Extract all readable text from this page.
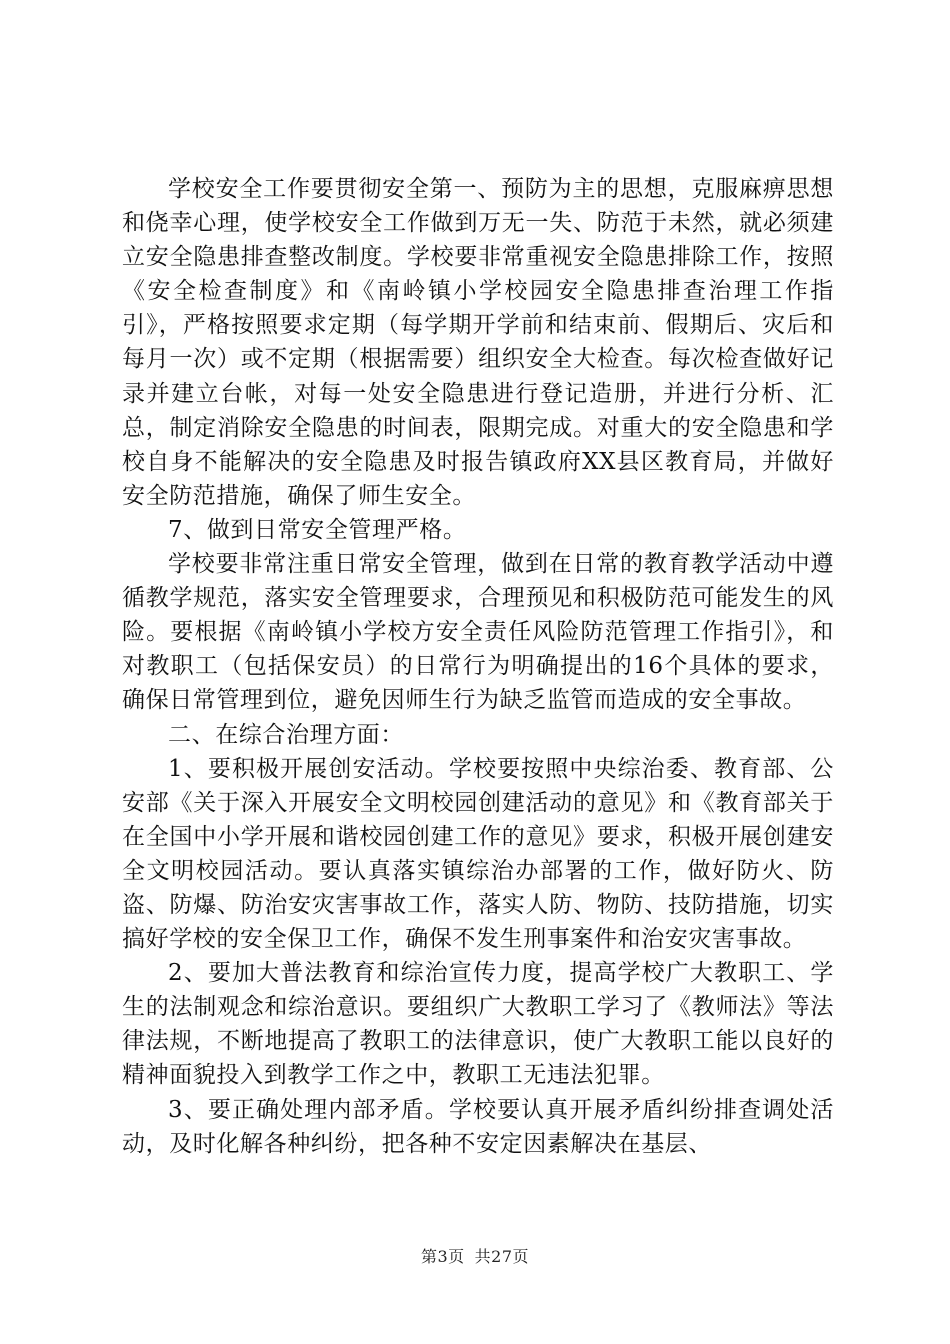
学校安全工作要贯彻安全第一、预防为主的思想，克服麻痹思想和侥幸心理，使学校安全工作做到万无一失、防范于未然，就必须建立安全隐患排查整改制度。学校要非常重视安全隐患排除工作，按照《安全检查制度》和《南岭镇小学校园安全隐患排查治理工作指引》，严格按照要求定期（每学期开学前和结束前、假期后、灾后和每月一次）或不定期（根据需要）组织安全大检查。每次检查做好记录并建立台帐，对每一处安全隐患进行登记造册，并进行分析、汇总，制定消除安全隐患的时间表，限期完成。对重大的安全隐患和学校自身不能解决的安全隐患及时报告镇政府XX县区教育局，并做好安全防范措施，确保了师生安全。

7、做到日常安全管理严格。

学校要非常注重日常安全管理，做到在日常的教育教学活动中遵循教学规范，落实安全管理要求，合理预见和积极防范可能发生的风险。要根据《南岭镇小学校方安全责任风险防范管理工作指引》，和对教职工（包括保安员）的日常行为明确提出的16个具体的要求，确保日常管理到位，避免因师生行为缺乏监管而造成的安全事故。

二、在综合治理方面：

1、要积极开展创安活动。学校要按照中央综治委、教育部、公安部《关于深入开展安全文明校园创建活动的意见》和《教育部关于在全国中小学开展和谐校园创建工作的意见》要求，积极开展创建安全文明校园活动。要认真落实镇综治办部署的工作，做好防火、防盗、防爆、防治安灾害事故工作，落实人防、物防、技防措施，切实搞好学校的安全保卫工作，确保不发生刑事案件和治安灾害事故。

2、要加大普法教育和综治宣传力度，提高学校广大教职工、学生的法制观念和综治意识。要组织广大教职工学习了《教师法》等法律法规，不断地提高了教职工的法律意识，使广大教职工能以良好的精神面貌投入到教学工作之中，教职工无违法犯罪。

3、要正确处理内部矛盾。学校要认真开展矛盾纠纷排查调处活动，及时化解各种纠纷，把各种不安定因素解决在基层、

第3页 共27页
